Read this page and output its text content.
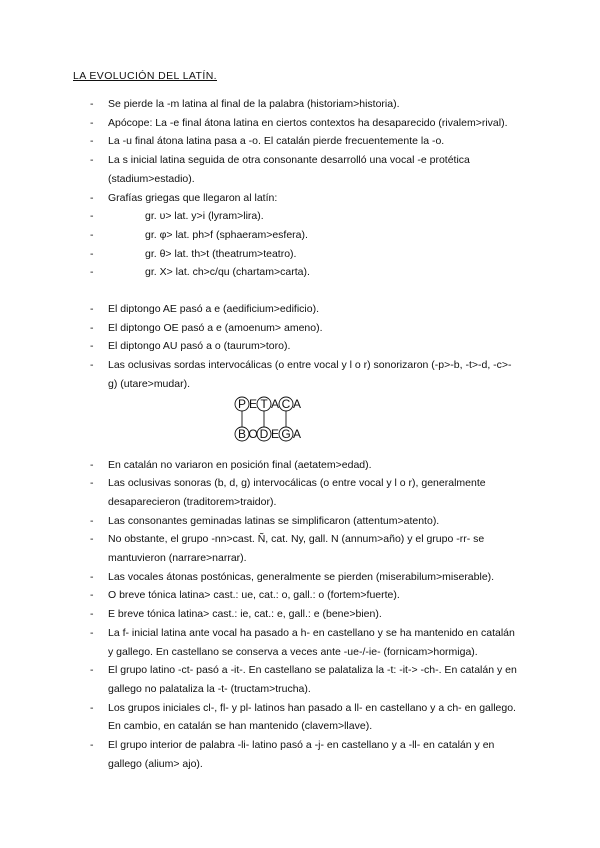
LA EVOLUCIÓN DEL LATÍN.
- Se pierde la -m latina al final de la palabra (historiam>historia).
- Apócope: La -e final átona latina en ciertos contextos ha desaparecido (rivalem>rival).
- La -u final átona latina pasa a -o. El catalán pierde frecuentemente la -o.
- La s inicial latina seguida de otra consonante desarrolló una vocal -e protética (stadium>estadio).
- Grafías griegas que llegaron al latín:
-	gr. υ> lat. y>i (lyram>lira).
-	gr. φ> lat. ph>f (sphaeram>esfera).
-	gr. θ> lat. th>t (theatrum>teatro).
-	gr. X> lat. ch>c/qu (chartam>carta).
- El diptongo AE pasó a e (aedificium>edificio).
- El diptongo OE pasó a e (amoenum> ameno).
- El diptongo AU pasó a o (taurum>toro).
- Las oclusivas sordas intervocálicas (o entre vocal y l o r) sonorizaron (-p>-b, -t>-d, -c>-g) (utare>mudar).
P E T A C A
B O D E G A
- En catalán no variaron en posición final (aetatem>edad).
- Las oclusivas sonoras (b, d, g) intervocálicas (o entre vocal y l o r), generalmente desaparecieron (traditorem>traidor).
- Las consonantes geminadas latinas se simplificaron (attentum>atento).
- No obstante, el grupo -nn>cast. Ñ, cat. Ny, gall. N (annum>año) y el grupo -rr- se mantuvieron (narrare>narrar).
- Las vocales átonas postónicas, generalmente se pierden (miserabilum>miserable).
- O breve tónica latina> cast.: ue, cat.: o, gall.: o (fortem>fuerte).
- E breve tónica latina> cast.: ie, cat.: e, gall.: e (bene>bien).
- La f- inicial latina ante vocal ha pasado a h- en castellano y se ha mantenido en catalán y gallego. En castellano se conserva a veces ante -ue-/-ie- (fornicam>hormiga).
- El grupo latino -ct- pasó a -it-. En castellano se palataliza la -t: -it-> -ch-. En catalán y en gallego no palataliza la -t- (tructam>trucha).
- Los grupos iniciales cl-, fl- y pl- latinos han pasado a ll- en castellano y a ch- en gallego. En cambio, en catalán se han mantenido (clavem>llave).
- El grupo interior de palabra -li- latino pasó a -j- en castellano y a -ll- en catalán y en gallego (alium> ajo).
